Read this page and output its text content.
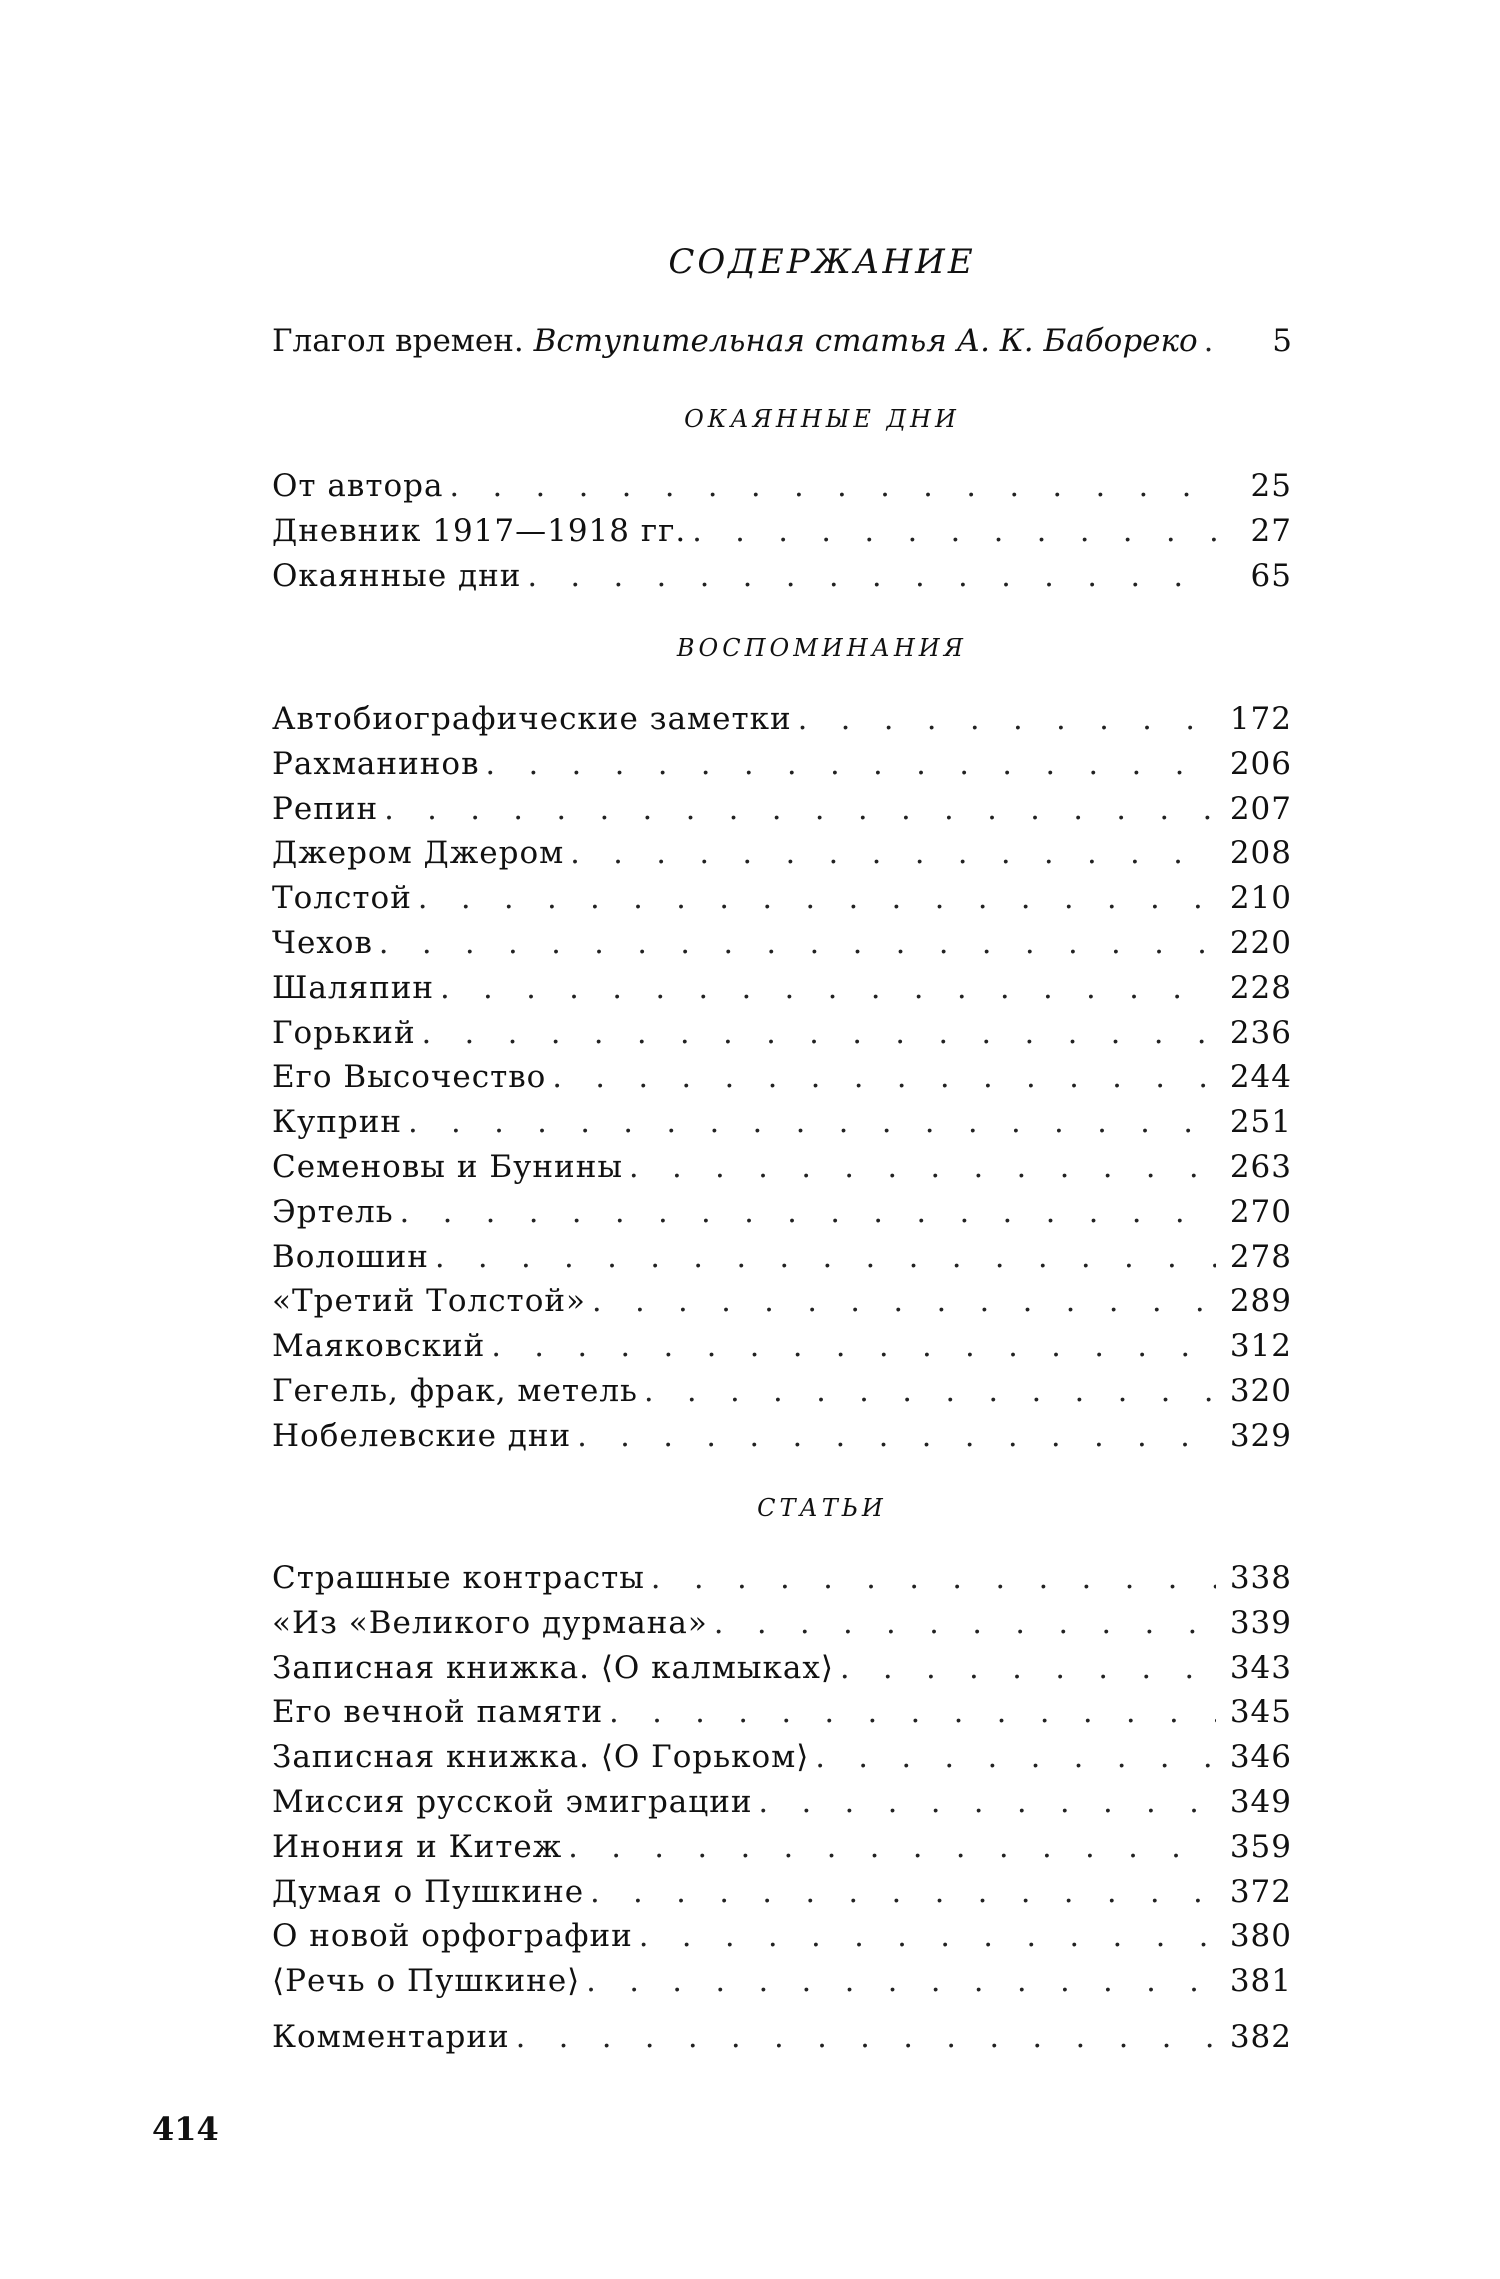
СОДЕРЖАНИЕ
Глагол времен. Вступительная статья А. К. Бабореко . . .	5
ОКАЯННЫЕ ДНИ
От автора . . .	25
Дневник 1917—1918 гг. . . .	27
Окаянные дни . . .	65
ВОСПОМИНАНИЯ
Автобиографические заметки . . .	172
Рахманинов . . .	206
Репин . . .	207
Джером Джером . . .	208
Толстой . . .	210
Чехов . . .	220
Шаляпин . . .	228
Горький . . .	236
Его Высочество . . .	244
Куприн . . .	251
Семеновы и Бунины . . .	263
Эртель . . .	270
Волошин . . .	278
«Третий Толстой» . . .	289
Маяковский . . .	312
Гегель, фрак, метель . . .	320
Нобелевские дни . . .	329
СТАТЬИ
Страшные контрасты . . .	338
«Из «Великого дурмана» . . .	339
Записная книжка. ⟨О калмыках⟩ . . .	343
Его вечной памяти . . .	345
Записная книжка. ⟨О Горьком⟩ . . .	346
Миссия русской эмиграции . . .	349
Инония и Китеж . . .	359
Думая о Пушкине . . .	372
О новой орфографии . . .	380
⟨Речь о Пушкине⟩ . . .	381
Комментарии . . .	382
414
